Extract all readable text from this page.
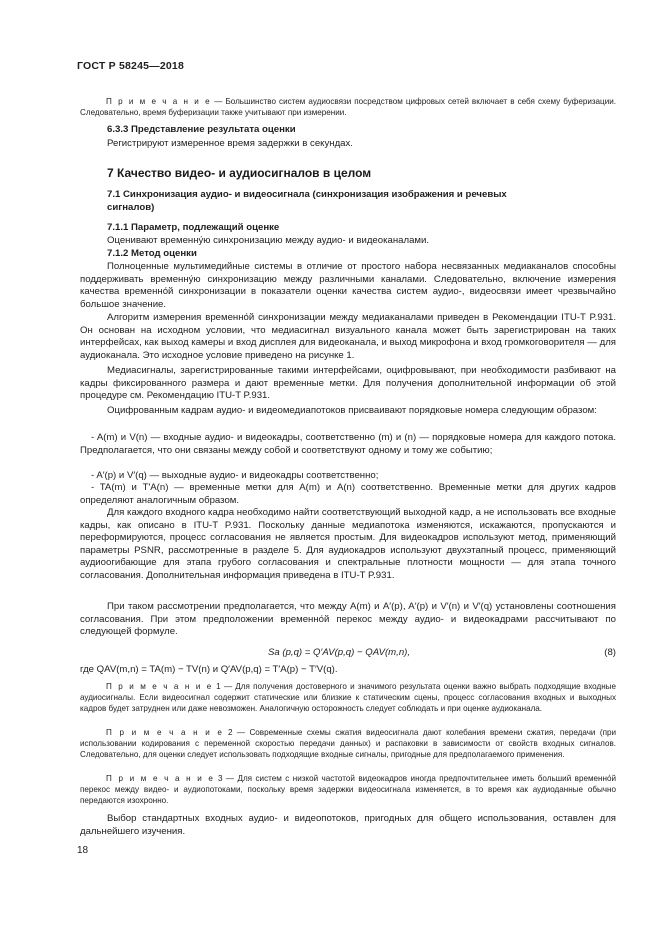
ГОСТ Р 58245—2018

П р и м е ч а н и е — Большинство систем аудиосвязи посредством цифровых сетей включает в себя схему буферизации. Следовательно, время буферизации также учитывают при измерении.

6.3.3 Представление результата оценки
Регистрируют измеренное время задержки в секундах.
7 Качество видео- и аудиосигналов в целом
7.1 Синхронизация аудио- и видеосигнала (синхронизация изображения и речевых
сигналов)
7.1.1 Параметр, подлежащий оценке
Оценивают временну́ю синхронизацию между аудио- и видеоканалами.
7.1.2 Метод оценки

Полноценные мультимедийные системы в отличие от простого набора несвязанных медиаканалов способны поддерживать временну́ю синхронизацию между различными каналами. Следовательно, включение измерения качества временно́й синхронизации в показатели оценки качества систем аудио-, видеосвязи имеет чрезвычайно большое значение.

Алгоритм измерения временно́й синхронизации между медиаканалами приведен в Рекомендации ITU-T P.931. Он основан на исходном условии, что медиасигнал визуального канала может быть зарегистрирован на таких интерфейсах, как выход камеры и вход дисплея для видеоканала, и выход микрофона и вход громкоговорителя — для аудиоканала. Это исходное условие приведено на рисунке 1.

Медиасигналы, зарегистрированные такими интерфейсами, оцифровывают, при необходимости разбивают на кадры фиксированного размера и дают временные метки. Для получения дополнительной информации об этой процедуре см. Рекомендацию ITU-T P.931.

Оцифрованным кадрам аудио- и видеомедиапотоков присваивают порядковые номера следующим образом:

- A(m) и V(n) — входные аудио- и видеокадры, соответственно (m) и (n) — порядковые номера для каждого потока. Предполагается, что они связаны между собой и соответствуют одному и тому же событию;

- A′(p) и V′(q) — выходные аудио- и видеокадры соответственно;

- TA(m) и T′A(n) — временные метки для A(m) и A(n) соответственно. Временные метки для других кадров определяют аналогичным образом.

Для каждого входного кадра необходимо найти соответствующий выходной кадр, а не использовать все входные кадры, как описано в ITU-T P.931. Поскольку данные медиапотока изменяются, искажаются, пропускаются и переформируются, процесс согласования не является простым. Для видеокадров используют метод, применяющий параметры PSNR, рассмотренные в разделе 5. Для аудиокадров используют двухэтапный процесс, применяющий аудиоогибающие для этапа грубого согласования и спектральные плотности мощности — для этапа точного согласования. Дополнительная информация приведена в ITU-T P.931.

При таком рассмотрении предполагается, что между A(m) и A′(p), A′(p) и V′(n) и V′(q) установлены соотношения согласования. При этом предположении временно́й перекос между аудио- и видеокадрами рассчитывают по следующей формуле.

Sa (p,q) = Q′AV(p,q) − QAV(m,n),	(8)
где QAV(m,n) = TA(m) − TV(n) и Q′AV(p,q) = T′A(p) − T′V(q).

П р и м е ч а н и е 1 — Для получения достоверного и значимого результата оценки важно выбрать подходящие входные аудиосигналы. Если видеосигнал содержит статические или близкие к статическим сцены, процесс согласования входных и выходных кадров будет затруднен или даже невозможен. Аналогичную осторожность следует соблюдать и при оценке аудиоканала.

П р и м е ч а н и е 2 — Современные схемы сжатия видеосигнала дают колебания времени сжатия, передачи (при использовании кодирования с переменной скоростью передачи данных) и распаковки в зависимости от свойств входных сигналов. Следовательно, для оценки следует использовать подходящие входные сигналы, пригодные для предполагаемого применения.

П р и м е ч а н и е 3 — Для систем с низкой частотой видеокадров иногда предпочтительнее иметь больший временно́й перекос между видео- и аудиопотоками, поскольку время задержки видеосигнала изменяется, в то время как аудиоданные обычно передаются изохронно.

Выбор стандартных входных аудио- и видеопотоков, пригодных для общего использования, оставлен для дальнейшего изучения.

18
